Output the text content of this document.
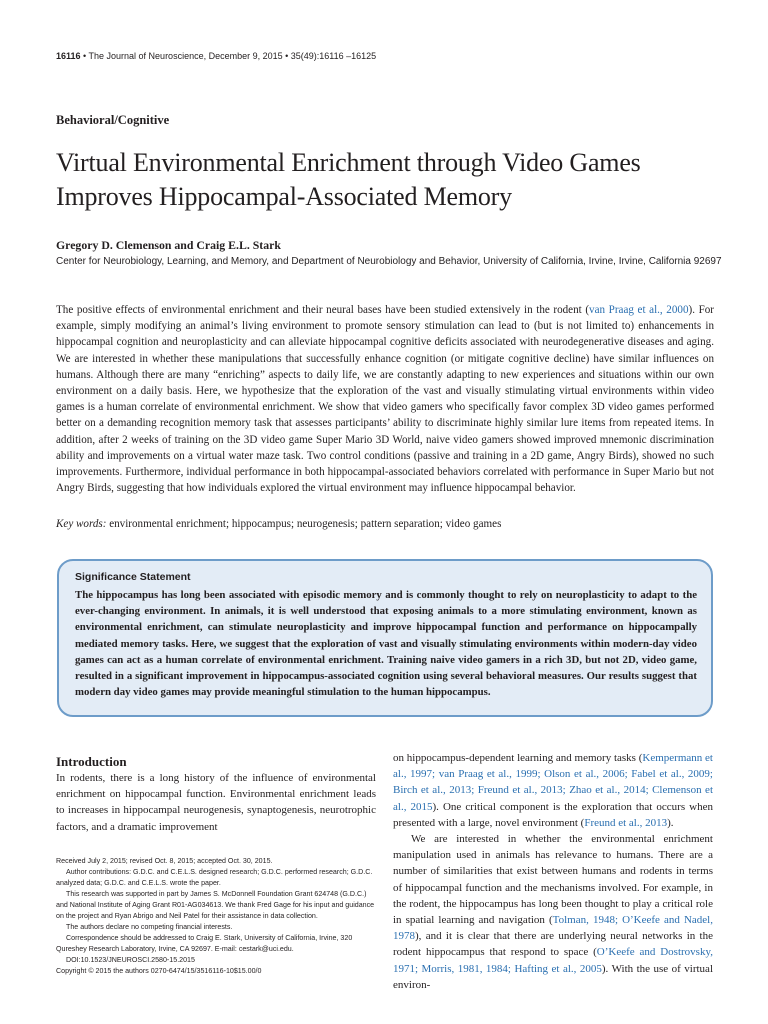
16116 • The Journal of Neuroscience, December 9, 2015 • 35(49):16116 –16125
Behavioral/Cognitive
Virtual Environmental Enrichment through Video Games Improves Hippocampal-Associated Memory
Gregory D. Clemenson and Craig E.L. Stark
Center for Neurobiology, Learning, and Memory, and Department of Neurobiology and Behavior, University of California, Irvine, Irvine, California 92697

The positive effects of environmental enrichment and their neural bases have been studied extensively in the rodent (van Praag et al., 2000). For example, simply modifying an animal’s living environment to promote sensory stimulation can lead to (but is not limited to) enhancements in hippocampal cognition and neuroplasticity and can alleviate hippocampal cognitive deficits associated with neurodegenerative diseases and aging. We are interested in whether these manipulations that successfully enhance cognition (or mitigate cognitive decline) have similar influences on humans. Although there are many “enriching” aspects to daily life, we are constantly adapting to new experiences and situations within our own environment on a daily basis. Here, we hypothesize that the exploration of the vast and visually stimulating virtual environments within video games is a human correlate of environmental enrichment. We show that video gamers who specifically favor complex 3D video games performed better on a demanding recognition memory task that assesses participants’ ability to discriminate highly similar lure items from repeated items. In addition, after 2 weeks of training on the 3D video game Super Mario 3D World, naive video gamers showed improved mnemonic discrimination ability and improvements on a virtual water maze task. Two control conditions (passive and training in a 2D game, Angry Birds), showed no such improvements. Furthermore, individual performance in both hippocampal-associated behaviors correlated with performance in Super Mario but not Angry Birds, suggesting that how individuals explored the virtual environment may influence hippocampal behavior.

Key words: environmental enrichment; hippocampus; neurogenesis; pattern separation; video games
Significance Statement

The hippocampus has long been associated with episodic memory and is commonly thought to rely on neuroplasticity to adapt to the ever-changing environment. In animals, it is well understood that exposing animals to a more stimulating environment, known as environmental enrichment, can stimulate neuroplasticity and improve hippocampal function and performance on hippocampally mediated memory tasks. Here, we suggest that the exploration of vast and visually stimulating environments within modern-day video games can act as a human correlate of environmental enrichment. Training naive video gamers in a rich 3D, but not 2D, video game, resulted in a significant improvement in hippocampus-associated cognition using several behavioral measures. Our results suggest that modern day video games may provide meaningful stimulation to the human hippocampus.

Introduction

In rodents, there is a long history of the influence of environmental enrichment on hippocampal function. Environmental enrichment leads to increases in hippocampal neurogenesis, synaptogenesis, neurotrophic factors, and a dramatic improvement

on hippocampus-dependent learning and memory tasks (Kempermann et al., 1997; van Praag et al., 1999; Olson et al., 2006; Fabel et al., 2009; Birch et al., 2013; Freund et al., 2013; Zhao et al., 2014; Clemenson et al., 2015). One critical component is the exploration that occurs when presented with a large, novel environment (Freund et al., 2013).
We are interested in whether the environmental enrichment manipulation used in animals has relevance to humans. There are a number of similarities that exist between humans and rodents in terms of hippocampal function and the mechanisms involved. For example, in the rodent, the hippocampus has long been thought to play a critical role in spatial learning and navigation (Tolman, 1948; O’Keefe and Nadel, 1978), and it is clear that there are underlying neural networks in the rodent hippocampus that respond to space (O’Keefe and Dostrovsky, 1971; Morris, 1981, 1984; Hafting et al., 2005). With the use of virtual environ-
Received July 2, 2015; revised Oct. 8, 2015; accepted Oct. 30, 2015.
Author contributions: G.D.C. and C.E.L.S. designed research; G.D.C. performed research; G.D.C. analyzed data; G.D.C. and C.E.L.S. wrote the paper.
This research was supported in part by James S. McDonnell Foundation Grant 624748 (G.D.C.) and National Institute of Aging Grant R01-AG034613. We thank Fred Gage for his input and guidance on the project and Ryan Abrigo and Neil Patel for their assistance in data collection.
The authors declare no competing financial interests.
Correspondence should be addressed to Craig E. Stark, University of California, Irvine, 320 Qureshey Research Laboratory, Irvine, CA 92697. E-mail: cestark@uci.edu.
DOI:10.1523/JNEUROSCI.2580-15.2015
Copyright © 2015 the authors 0270-6474/15/3516116-10$15.00/0
